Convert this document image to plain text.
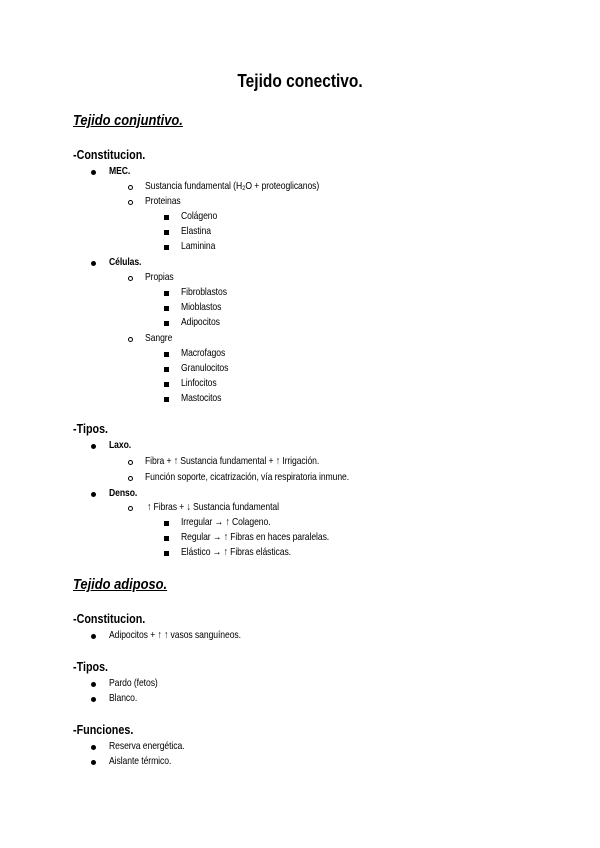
Tejido conectivo.
Tejido conjuntivo.
-Constitucion.
MEC.
Sustancia fundamental (H₂O + proteoglicanos)
Proteinas
Colágeno
Elastina
Laminina
Células.
Propias
Fibroblastos
Mioblastos
Adipocitos
Sangre
Macrofagos
Granulocitos
Linfocitos
Mastocitos
-Tipos.
Laxo.
Fibra + ↑ Sustancia fundamental + ↑ Irrigación.
Función soporte, cicatrización, vía respiratoria inmune.
Denso.
↑ Fibras + ↓ Sustancia fundamental
Irregular → ↑ Colageno.
Regular → ↑ Fibras en haces paralelas.
Elástico → ↑ Fibras elásticas.
Tejido adiposo.
-Constitucion.
Adipocitos + ↑ ↑ vasos sanguíneos.
-Tipos.
Pardo (fetos)
Blanco.
-Funciones.
Reserva energética.
Aislante térmico.
